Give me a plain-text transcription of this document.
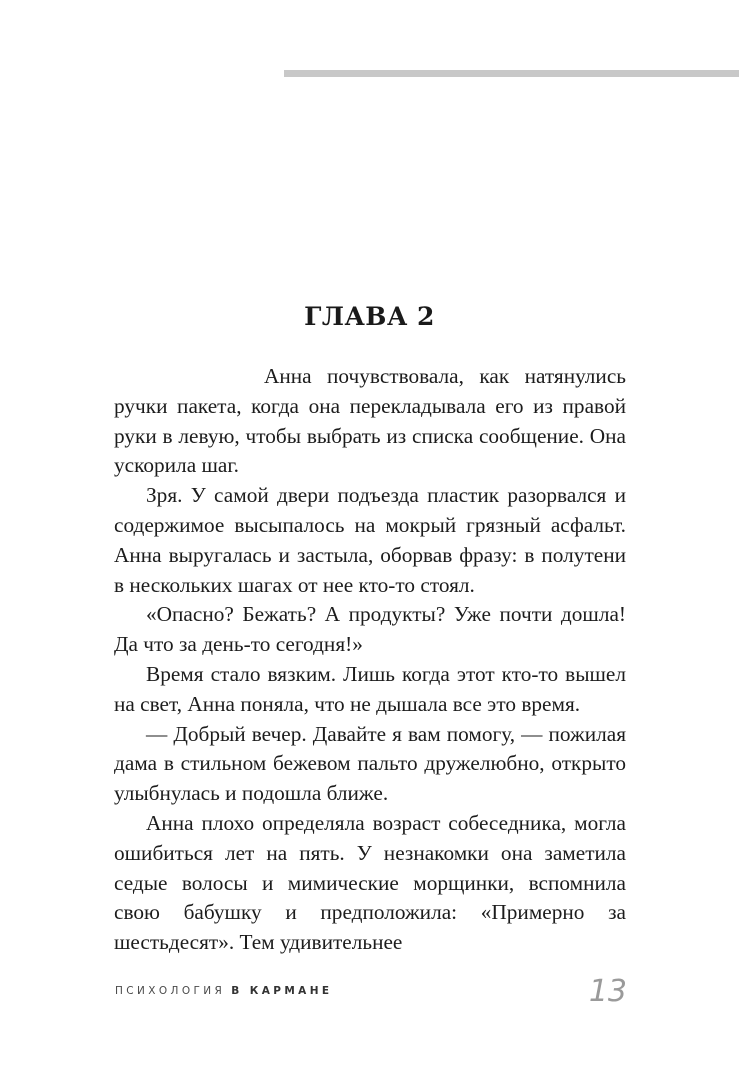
ГЛАВА 2

Анна почувствовала, как натянулись ручки пакета, когда она перекладывала его из правой руки в левую, чтобы выбрать из списка сообщение. Она ускорила шаг.

Зря. У самой двери подъезда пластик разорвался и содержимое высыпалось на мокрый грязный асфальт. Анна выругалась и застыла, оборвав фразу: в полутени в нескольких шагах от нее кто-то стоял.

«Опасно? Бежать? А продукты? Уже почти дошла! Да что за день-то сегодня!»

Время стало вязким. Лишь когда этот кто-то вышел на свет, Анна поняла, что не дышала все это время.

— Добрый вечер. Давайте я вам помогу, — пожилая дама в стильном бежевом пальто дружелюбно, открыто улыбнулась и подошла ближе.

Анна плохо определяла возраст собеседника, могла ошибиться лет на пять. У незнакомки она заметила седые волосы и мимические морщинки, вспомнила свою бабушку и предположила: «Примерно за шестьдесят». Тем удивительнее

ПСИХОЛОГИЯ В КАРМАНЕ	13
